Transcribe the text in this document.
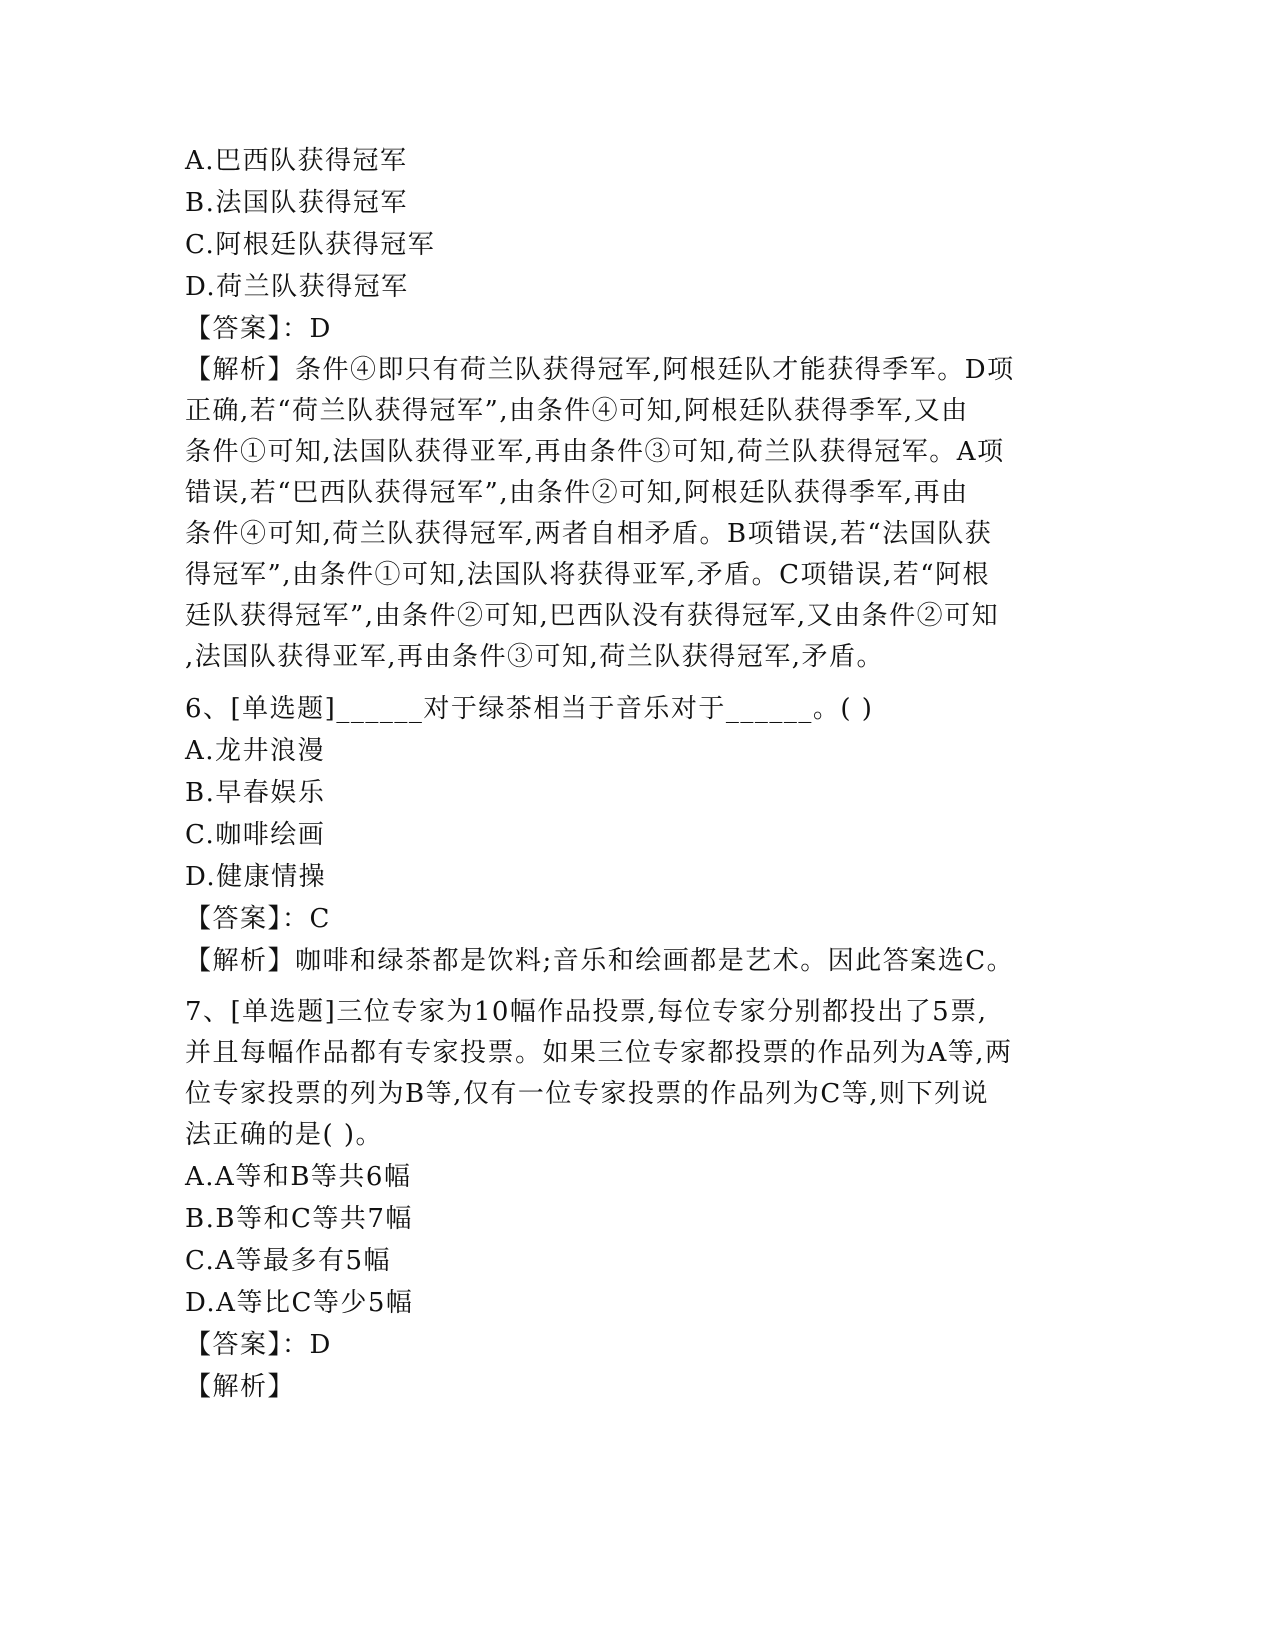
A.巴西队获得冠军
B.法国队获得冠军
C.阿根廷队获得冠军
D.荷兰队获得冠军
【答案】：D
【解析】条件④即只有荷兰队获得冠军,阿根廷队才能获得季军。D项
正确,若“荷兰队获得冠军”,由条件④可知,阿根廷队获得季军,又由
条件①可知,法国队获得亚军,再由条件③可知,荷兰队获得冠军。A项
错误,若“巴西队获得冠军”,由条件②可知,阿根廷队获得季军,再由
条件④可知,荷兰队获得冠军,两者自相矛盾。B项错误,若“法国队获
得冠军”,由条件①可知,法国队将获得亚军,矛盾。C项错误,若“阿根
廷队获得冠军”,由条件②可知,巴西队没有获得冠军,又由条件②可知
,法国队获得亚军,再由条件③可知,荷兰队获得冠军,矛盾。
6、[单选题]______对于绿茶相当于音乐对于______。( )
A.龙井浪漫
B.早春娱乐
C.咖啡绘画
D.健康情操
【答案】：C
【解析】咖啡和绿茶都是饮料;音乐和绘画都是艺术。因此答案选C。
7、[单选题]三位专家为10幅作品投票,每位专家分别都投出了5票,
并且每幅作品都有专家投票。如果三位专家都投票的作品列为A等,两
位专家投票的列为B等,仅有一位专家投票的作品列为C等,则下列说
法正确的是( )。
A.A等和B等共6幅
B.B等和C等共7幅
C.A等最多有5幅
D.A等比C等少5幅
【答案】：D
【解析】
